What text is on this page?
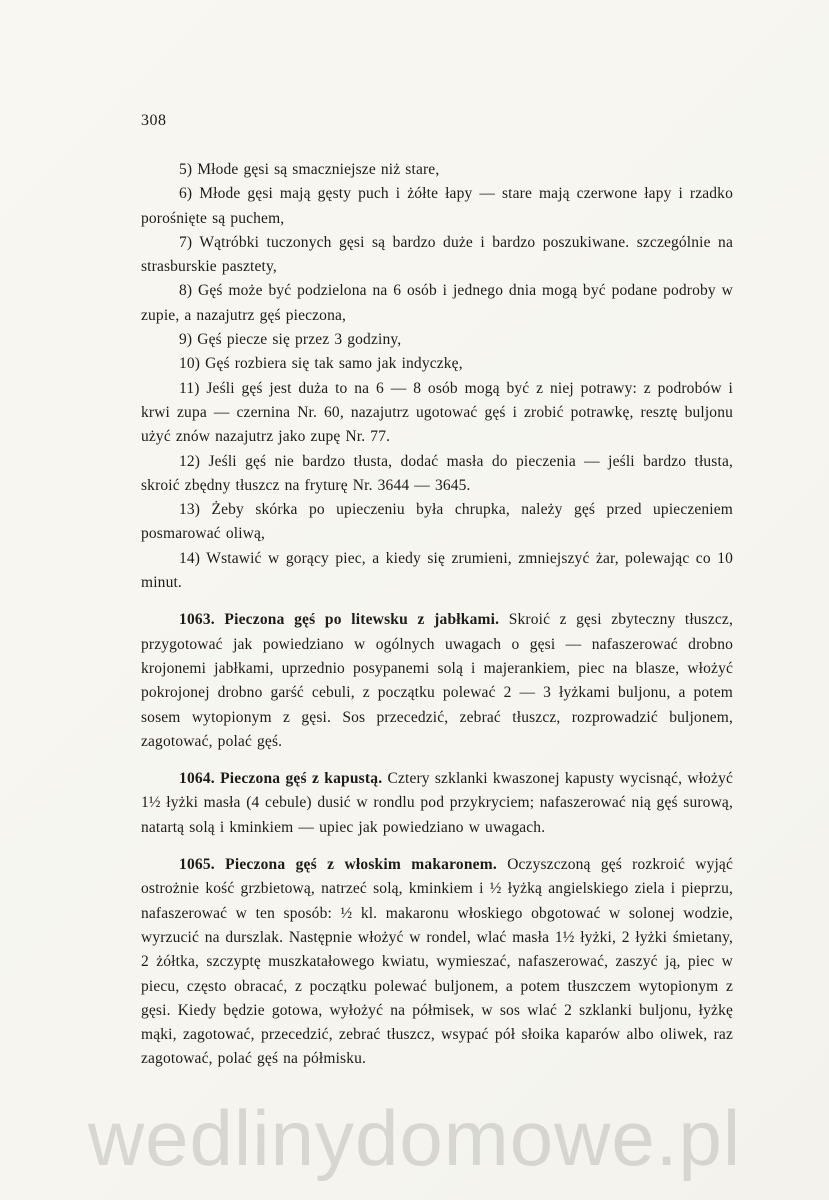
308

5) Młode gęsi są smaczniejsze niż stare,

6) Młode gęsi mają gęsty puch i żółte łapy — stare mają czerwone łapy i rzadko porośnięte są puchem,

7) Wątróbki tuczonych gęsi są bardzo duże i bardzo poszukiwane. szczególnie na strasburskie pasztety,

8) Gęś może być podzielona na 6 osób i jednego dnia mogą być podane podroby w zupie, a nazajutrz gęś pieczona,

9) Gęś piecze się przez 3 godziny,

10) Gęś rozbiera się tak samo jak indyczkę,

11) Jeśli gęś jest duża to na 6 — 8 osób mogą być z niej potrawy: z podrobów i krwi zupa — czernina Nr. 60, nazajutrz ugotować gęś i zrobić potrawkę, resztę buljonu użyć znów nazajutrz jako zupę Nr. 77.

12) Jeśli gęś nie bardzo tłusta, dodać masła do pieczenia — jeśli bardzo tłusta, skroić zbędny tłuszcz na fryturę Nr. 3644 — 3645.

13) Żeby skórka po upieczeniu była chrupka, należy gęś przed upieczeniem posmarować oliwą,

14) Wstawić w gorący piec, a kiedy się zrumieni, zmniejszyć żar, polewając co 10 minut.

1063. Pieczona gęś po litewsku z jabłkami. Skroić z gęsi zbyteczny tłuszcz, przygotować jak powiedziano w ogólnych uwagach o gęsi — nafaszerować drobno krojonemi jabłkami, uprzednio posypanemi solą i majerankiem, piec na blasze, włożyć pokrojonej drobno garść cebuli, z początku polewać 2 — 3 łyżkami buljonu, a potem sosem wytopionym z gęsi. Sos przecedzić, zebrać tłuszcz, rozprowadzić buljonem, zagotować, polać gęś.

1064. Pieczona gęś z kapustą. Cztery szklanki kwaszonej kapusty wycisnąć, włożyć 1½ łyżki masła (4 cebule) dusić w rondlu pod przykryciem; nafaszerować nią gęś surową, natartą solą i kminkiem — upiec jak powiedziano w uwagach.

1065. Pieczona gęś z włoskim makaronem. Oczyszczoną gęś rozkroić wyjąć ostrożnie kość grzbietową, natrzeć solą, kminkiem i ½ łyżką angielskiego ziela i pieprzu, nafaszerować w ten sposób: ½ kl. makaronu włoskiego obgotować w solonej wodzie, wyrzucić na durszlak. Następnie włożyć w rondel, wlać masła 1½ łyżki, 2 łyżki śmietany, 2 żółtka, szczyptę muszkatałowego kwiatu, wymieszać, nafaszerować, zaszyć ją, piec w piecu, często obracać, z początku polewać buljonem, a potem tłuszczem wytopionym z gęsi. Kiedy będzie gotowa, wyłożyć na półmisek, w sos wlać 2 szklanki buljonu, łyżkę mąki, zagotować, przecedzić, zebrać tłuszcz, wsypać pół słoika kaparów albo oliwek, raz zagotować, polać gęś na półmisku.

wedlinydomowe.pl
